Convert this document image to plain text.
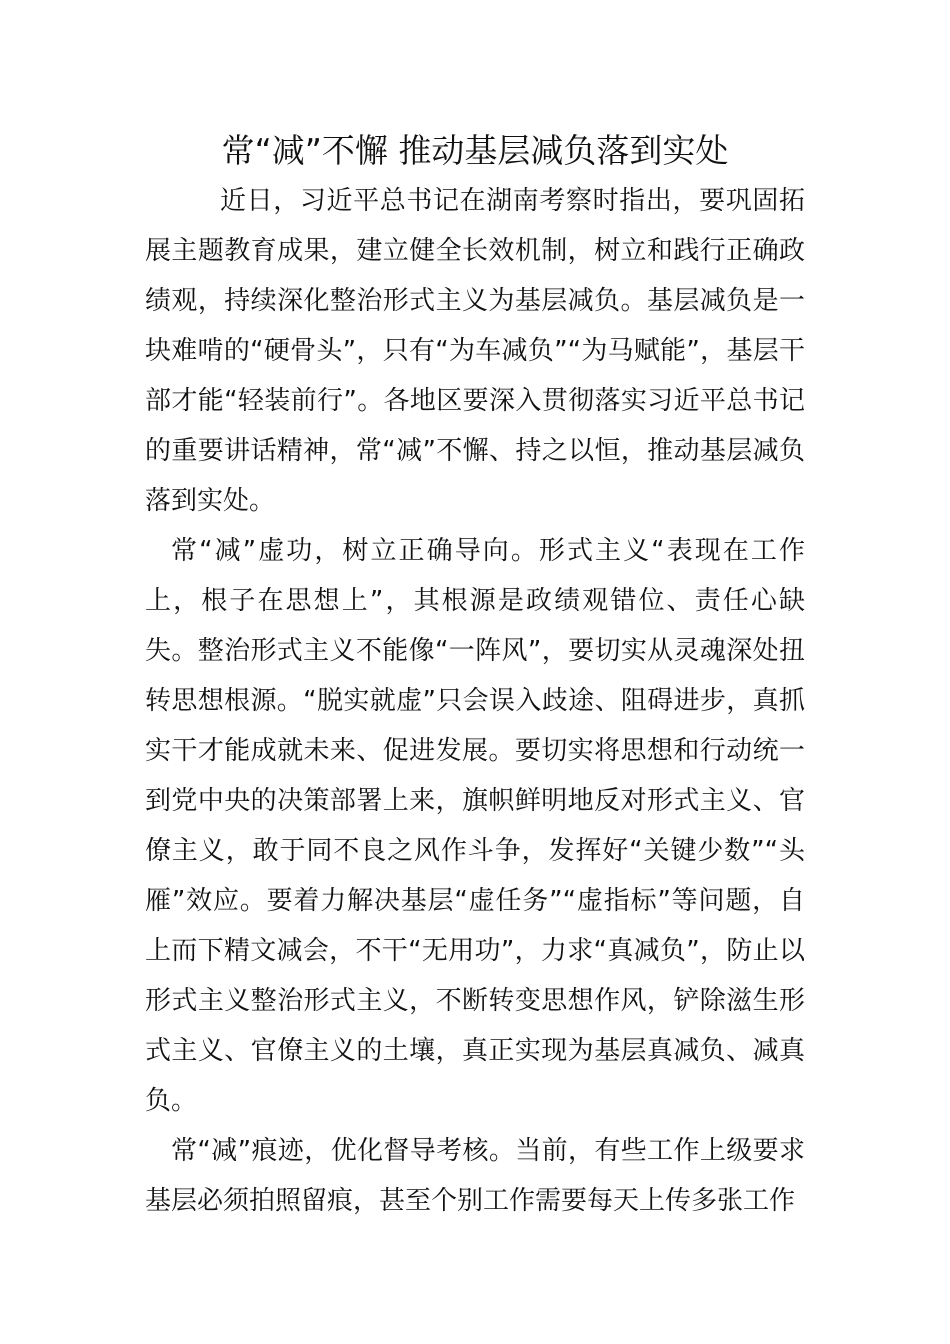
常“减”不懈 推动基层减负落到实处

近日，习近平总书记在湖南考察时指出，要巩固拓展主题教育成果，建立健全长效机制，树立和践行正确政绩观，持续深化整治形式主义为基层减负。基层减负是一块难啃的“硬骨头”，只有“为车减负”“为马赋能”，基层干部才能“轻装前行”。各地区要深入贯彻落实习近平总书记的重要讲话精神，常“减”不懈、持之以恒，推动基层减负落到实处。

常“减”虚功，树立正确导向。形式主义“表现在工作上，根子在思想上”，其根源是政绩观错位、责任心缺失。整治形式主义不能像“一阵风”，要切实从灵魂深处扭转思想根源。“脱实就虚”只会误入歧途、阻碍进步，真抓实干才能成就未来、促进发展。要切实将思想和行动统一到党中央的决策部署上来，旗帜鲜明地反对形式主义、官僚主义，敢于同不良之风作斗争，发挥好“关键少数”“头雁”效应。要着力解决基层“虚任务”“虚指标”等问题，自上而下精文减会，不干“无用功”，力求“真减负”，防止以形式主义整治形式主义，不断转变思想作风，铲除滋生形式主义、官僚主义的土壤，真正实现为基层真减负、减真负。

常“减”痕迹，优化督导考核。当前，有些工作上级要求基层必须拍照留痕，甚至个别工作需要每天上传多张工作
